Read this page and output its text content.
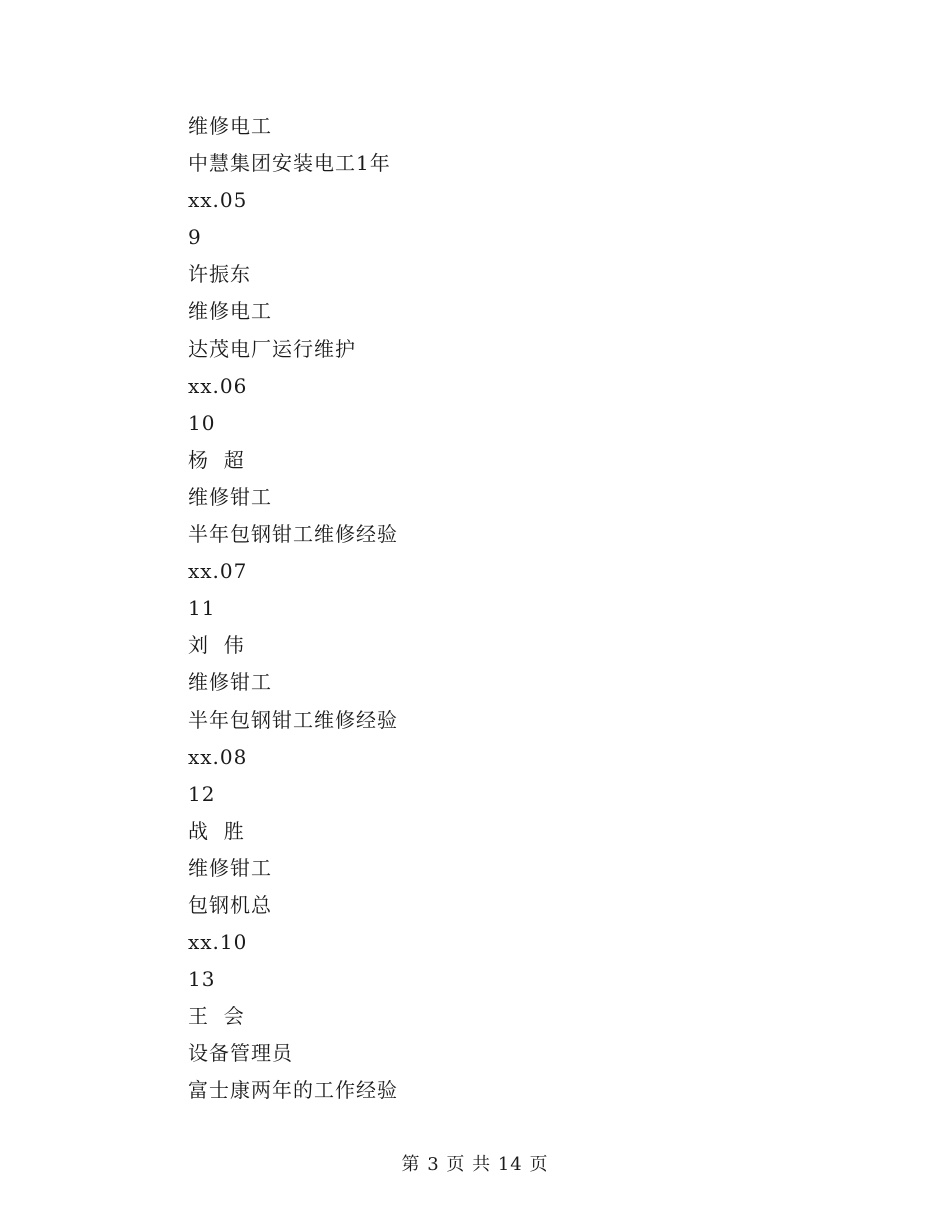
维修电工
中慧集团安装电工1年
xx.05
9
许振东
维修电工
达茂电厂运行维护
xx.06
10
杨  超
维修钳工
半年包钢钳工维修经验
xx.07
11
刘  伟
维修钳工
半年包钢钳工维修经验
xx.08
12
战  胜
维修钳工
包钢机总
xx.10
13
王  会
设备管理员
富士康两年的工作经验
第 3 页 共 14 页
